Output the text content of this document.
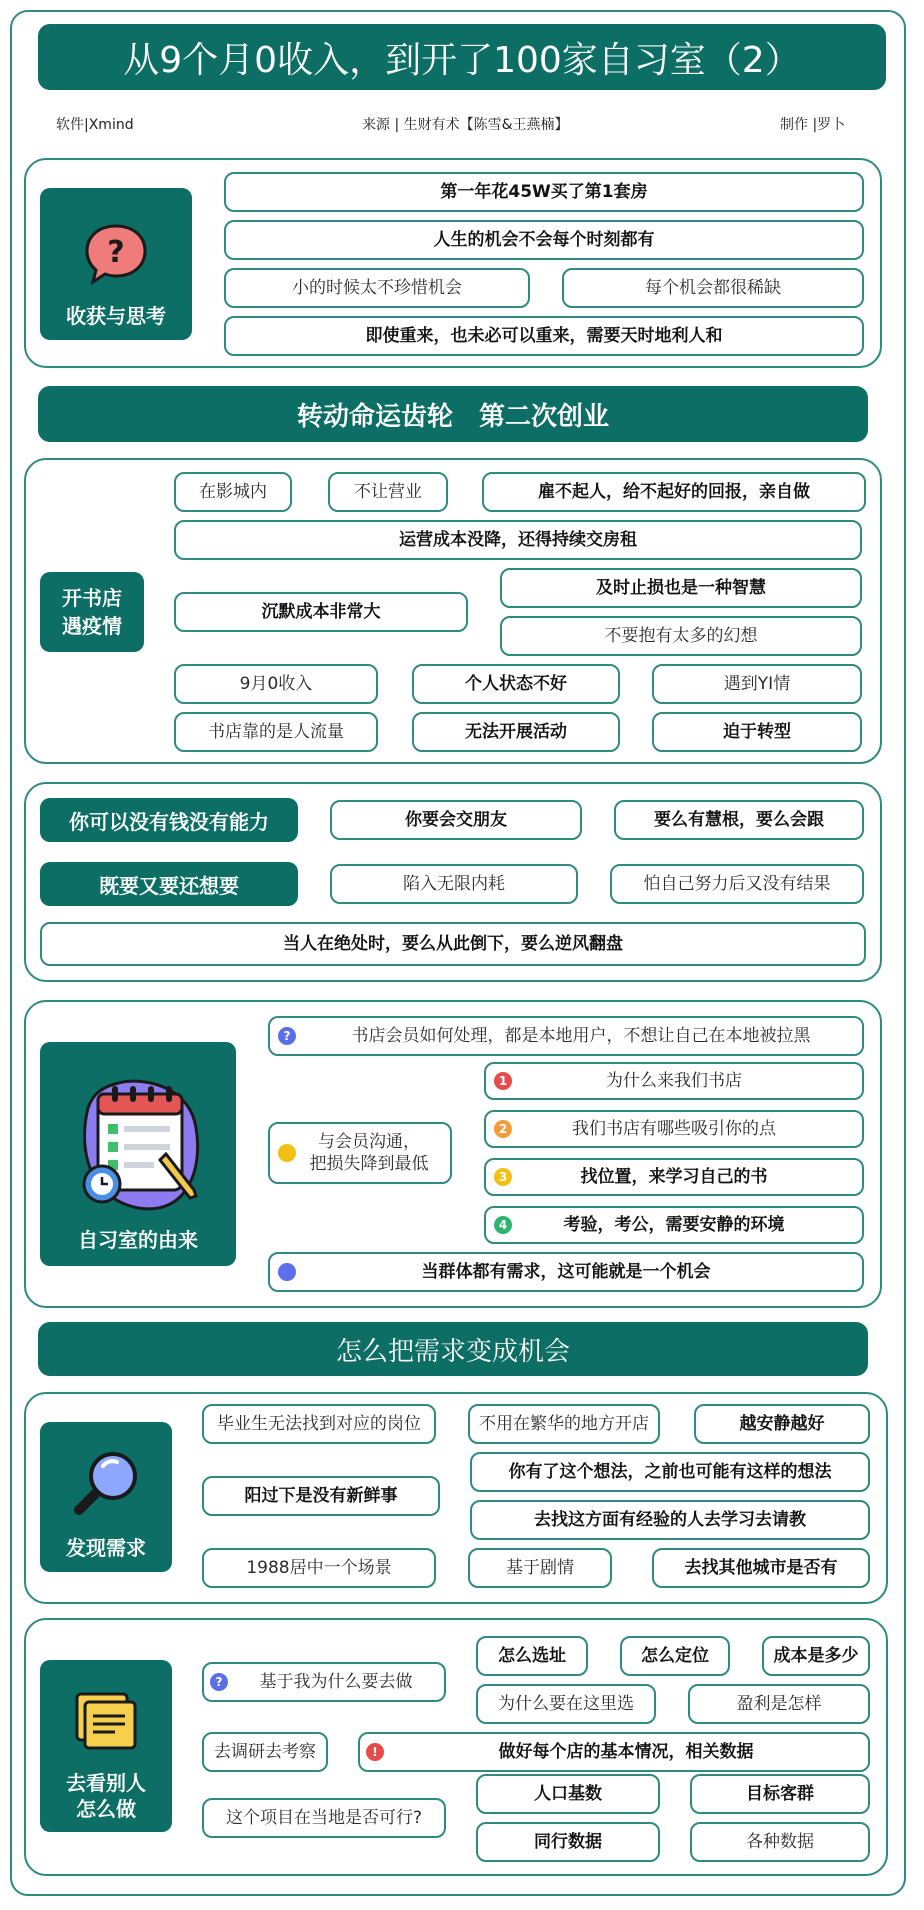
从9个月0收入，到开了100家自习室（2）
软件|Xmind	来源 | 生财有术【陈雪&王燕楠】	制作 |罗卜
?
收获与思考
第一年花45W买了第1套房
人生的机会不会每个时刻都有
小的时候太不珍惜机会	每个机会都很稀缺
即使重来，也未必可以重来，需要天时地利人和
转动命运齿轮　第二次创业
开书店
遇疫情
在影城内	不让营业	雇不起人，给不起好的回报，亲自做
运营成本没降，还得持续交房租
沉默成本非常大
及时止损也是一种智慧
不要抱有太多的幻想
9月0收入	个人状态不好	遇到YI情
书店靠的是人流量	无法开展活动	迫于转型
你可以没有钱没有能力	你要会交朋友	要么有慧根，要么会跟
既要又要还想要	陷入无限内耗	怕自己努力后又没有结果
当人在绝处时，要么从此倒下，要么逆风翻盘
自习室的由来
书店会员如何处理，都是本地用户，不想让自己在本地被拉黑
?
与会员沟通，
把损失降到最低
为什么来我们书店
1
我们书店有哪些吸引你的点
2
找位置，来学习自己的书
3
考验，考公，需要安静的环境
4
当群体都有需求，这可能就是一个机会
怎么把需求变成机会
发现需求
毕业生无法找到对应的岗位	不用在繁华的地方开店	越安静越好
阳过下是没有新鲜事
你有了这个想法，之前也可能有这样的想法
去找这方面有经验的人去学习去请教
1988居中一个场景	基于剧情	去找其他城市是否有
去看别人
怎么做
基于我为什么要去做
?
怎么选址	怎么定位	成本是多少
为什么要在这里选	盈利是怎样
去调研去考察	做好每个店的基本情况，相关数据
!
这个项目在当地是否可行?
人口基数	目标客群
同行数据	各种数据
